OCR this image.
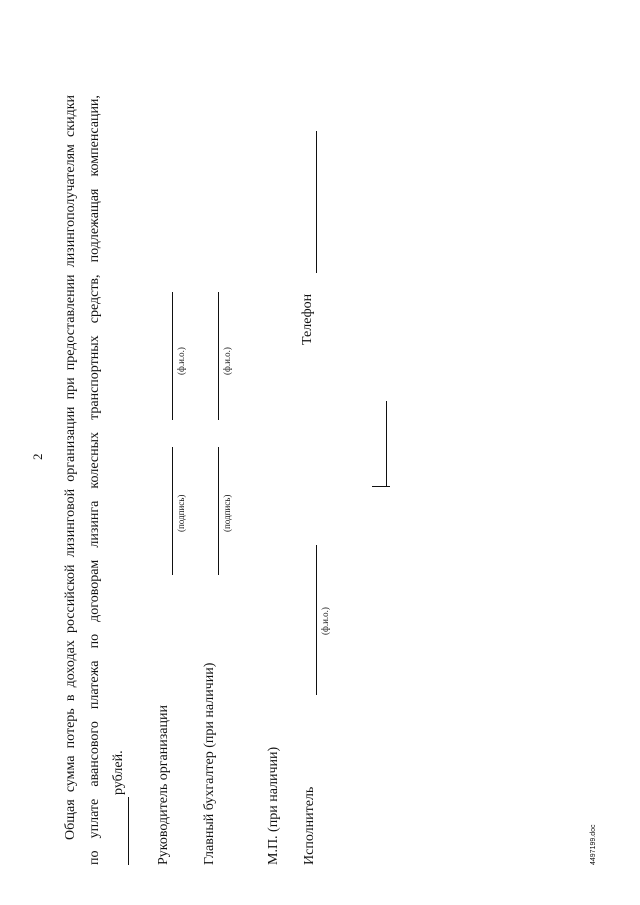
2
Общая
сумма
потерь
в
доходах
российской
лизинговой
организации
при
предоставлении
лизингополучателям
скидки
по
уплате
авансового
платежа
по
договорам
лизинга
колесных
транспортных
средств,
подлежащая
компенсации,
рублей. Руководитель организации
(подпись)
(ф.и.о.)
Главный бухгалтер (при наличии)
(подпись)
(ф.и.о.)
М.П. (при наличии) Исполнитель
(ф.и.о.)
Телефон
4497199.doc
